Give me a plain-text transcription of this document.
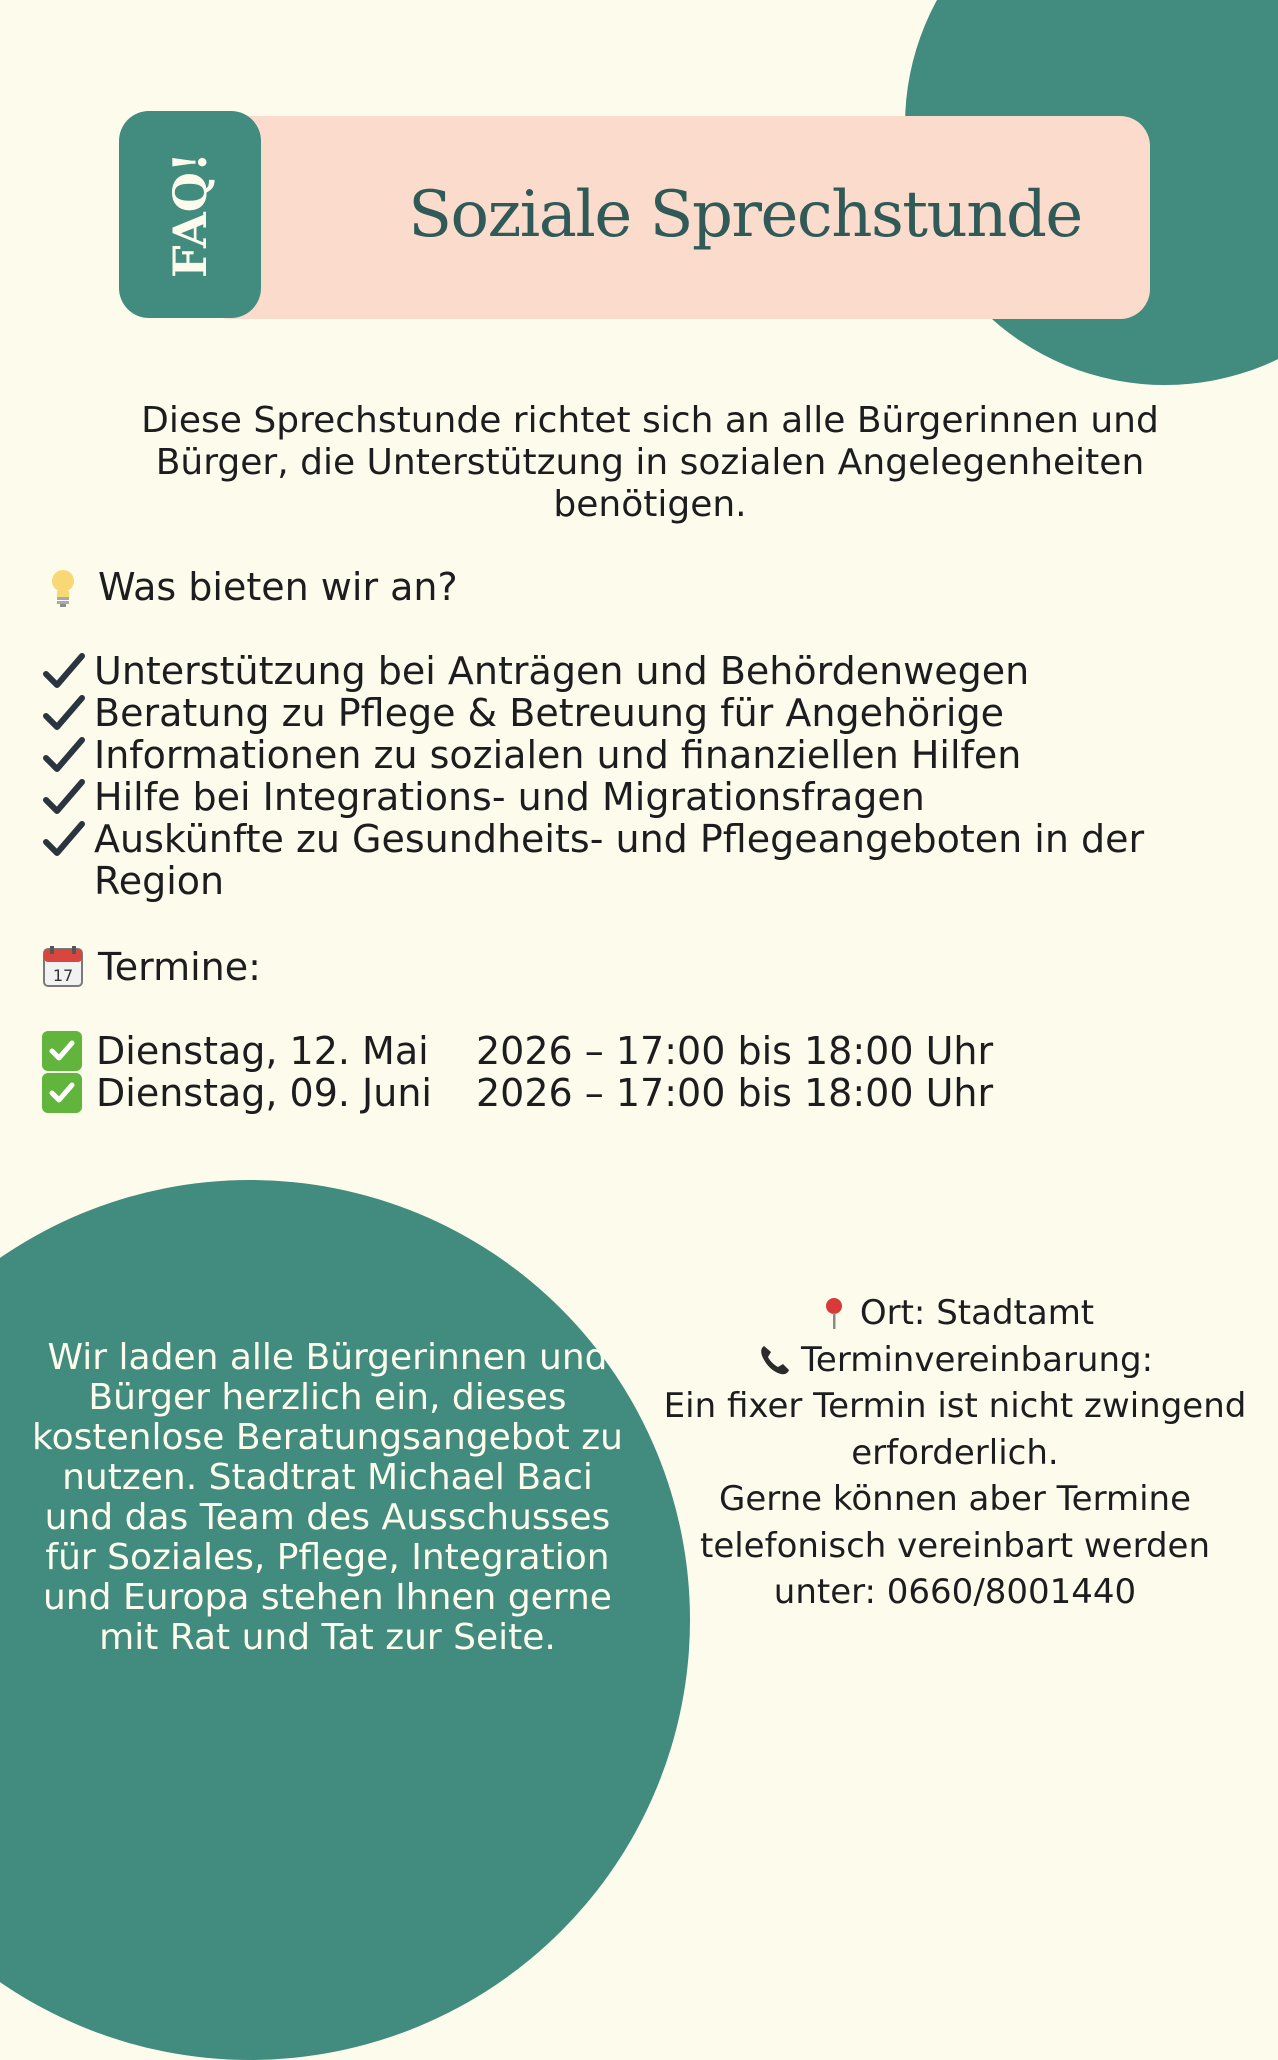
Soziale Sprechstunde
FAQ!

Diese Sprechstunde richtet sich an alle Bürgerinnen und Bürger, die Unterstützung in sozialen Angelegenheiten benötigen.

Was bieten wir an?
Unterstützung bei Anträgen und Behördenwegen
Beratung zu Pflege & Betreuung für Angehörige
Informationen zu sozialen und finanziellen Hilfen
Hilfe bei Integrations- und Migrationsfragen
Auskünfte zu Gesundheits- und Pflegeangeboten in der Region
17 Termine:
Dienstag, 12. Mai	2026 – 17:00 bis 18:00 Uhr
Dienstag, 09. Juni	2026 – 17:00 bis 18:00 Uhr
Wir laden alle Bürgerinnen und Bürger herzlich ein, dieses kostenlose Beratungsangebot zu nutzen. Stadtrat Michael Baci und das Team des Ausschusses für Soziales, Pflege, Integration und Europa stehen Ihnen gerne mit Rat und Tat zur Seite.
Ort: Stadtamt
Terminvereinbarung:
Ein fixer Termin ist nicht zwingend erforderlich.
Gerne können aber Termine telefonisch vereinbart werden unter: 0660/8001440
